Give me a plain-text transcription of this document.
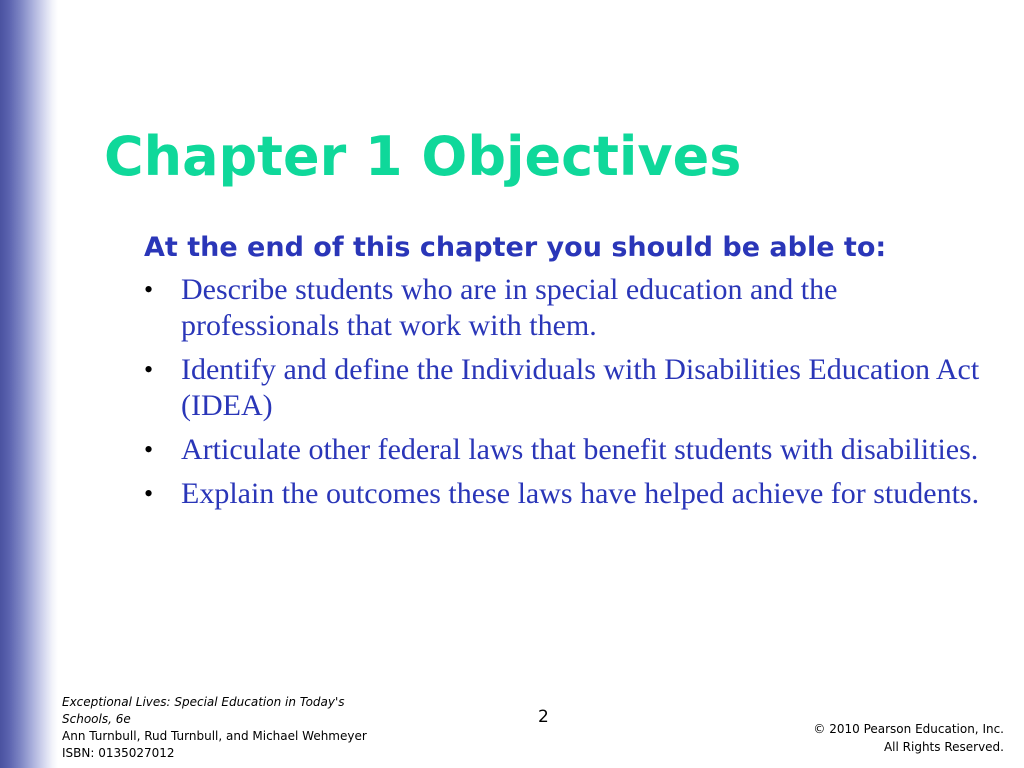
Chapter 1 Objectives
At the end of this chapter you should be able to:
• Describe students who are in special education and the professionals that work with them.
• Identify and define the Individuals with Disabilities Education Act (IDEA)
• Articulate other federal laws that benefit students with disabilities.
• Explain the outcomes these laws have helped achieve for students.
Exceptional Lives: Special Education in Today's
Schools, 6e
Ann Turnbull, Rud Turnbull, and Michael Wehmeyer
ISBN: 0135027012
2
© 2010 Pearson Education, Inc.
All Rights Reserved.
